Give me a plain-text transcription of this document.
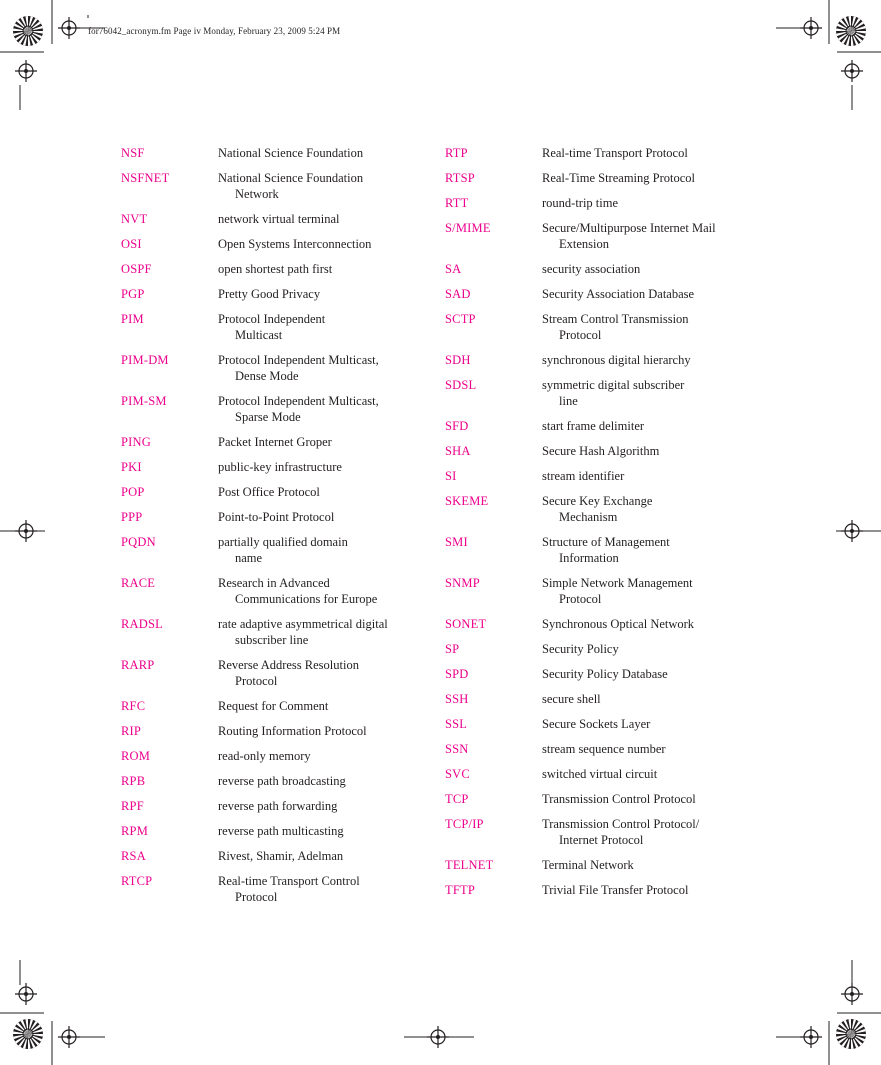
for76042_acronym.fm Page iv Monday, February 23, 2009 5:24 PM
NSF	National Science Foundation
NSFNET	National Science Foundation
Network
NVT	network virtual terminal
OSI	Open Systems Interconnection
OSPF	open shortest path first
PGP	Pretty Good Privacy
PIM	Protocol Independent
Multicast
PIM-DM	Protocol Independent Multicast,
Dense Mode
PIM-SM	Protocol Independent Multicast,
Sparse Mode
PING	Packet Internet Groper
PKI	public-key infrastructure
POP	Post Office Protocol
PPP	Point-to-Point Protocol
PQDN	partially qualified domain
name
RACE	Research in Advanced
Communications for Europe
RADSL	rate adaptive asymmetrical digital
subscriber line
RARP	Reverse Address Resolution
Protocol
RFC	Request for Comment
RIP	Routing Information Protocol
ROM	read-only memory
RPB	reverse path broadcasting
RPF	reverse path forwarding
RPM	reverse path multicasting
RSA	Rivest, Shamir, Adelman
RTCP	Real-time Transport Control
Protocol
RTP	Real-time Transport Protocol
RTSP	Real-Time Streaming Protocol
RTT	round-trip time
S/MIME	Secure/Multipurpose Internet Mail
Extension
SA	security association
SAD	Security Association Database
SCTP	Stream Control Transmission
Protocol
SDH	synchronous digital hierarchy
SDSL	symmetric digital subscriber
line
SFD	start frame delimiter
SHA	Secure Hash Algorithm
SI	stream identifier
SKEME	Secure Key Exchange
Mechanism
SMI	Structure of Management
Information
SNMP	Simple Network Management
Protocol
SONET	Synchronous Optical Network
SP	Security Policy
SPD	Security Policy Database
SSH	secure shell
SSL	Secure Sockets Layer
SSN	stream sequence number
SVC	switched virtual circuit
TCP	Transmission Control Protocol
TCP/IP	Transmission Control Protocol/
Internet Protocol
TELNET	Terminal Network
TFTP	Trivial File Transfer Protocol
